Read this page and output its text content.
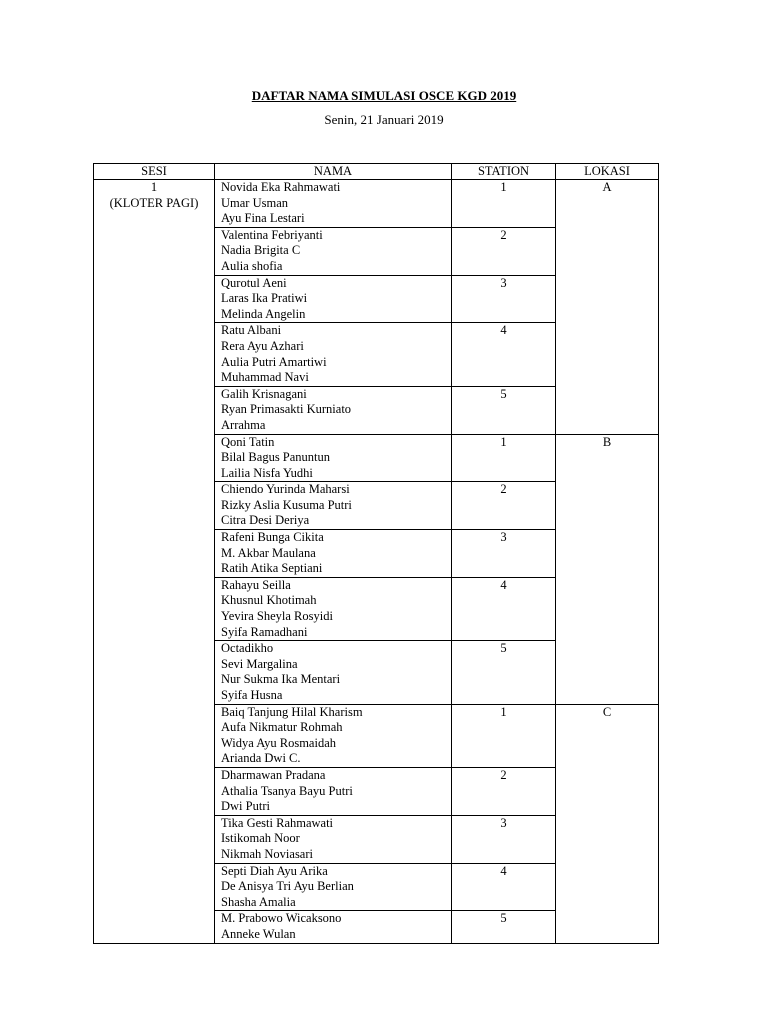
DAFTAR NAMA SIMULASI OSCE KGD 2019
Senin, 21 Januari 2019
SESI	NAMA	STATION	LOKASI

1
(KLOTER PAGI)	Novida Eka Rahmawati
Umar Usman
Ayu Fina Lestari	1	A

	Valentina Febriyanti
Nadia Brigita C
Aulia shofia	2	

	Qurotul Aeni
Laras Ika Pratiwi
Melinda Angelin	3	

	Ratu Albani
Rera Ayu Azhari
Aulia Putri Amartiwi
Muhammad Navi	4	

	Galih Krisnagani
Ryan Primasakti Kurniato
Arrahma	5	

	Qoni Tatin
Bilal Bagus Panuntun
Lailia Nisfa Yudhi	1	B

	Chiendo Yurinda Maharsi
Rizky Aslia Kusuma Putri
Citra Desi Deriya	2	

	Rafeni Bunga Cikita
M. Akbar Maulana
Ratih Atika Septiani	3	

	Rahayu Seilla
Khusnul Khotimah
Yevira Sheyla Rosyidi
Syifa Ramadhani	4	

	Octadikho
Sevi Margalina
Nur Sukma Ika Mentari
Syifa Husna	5	

	Baiq Tanjung Hilal Kharism
Aufa Nikmatur Rohmah
Widya Ayu Rosmaidah
Arianda Dwi C.	1	C

	Dharmawan Pradana
Athalia Tsanya Bayu Putri
Dwi Putri	2	

	Tika Gesti Rahmawati
Istikomah Noor
Nikmah Noviasari	3	

	Septi Diah Ayu Arika
De Anisya Tri Ayu Berlian
Shasha Amalia	4	

	M. Prabowo Wicaksono
Anneke Wulan	5	
